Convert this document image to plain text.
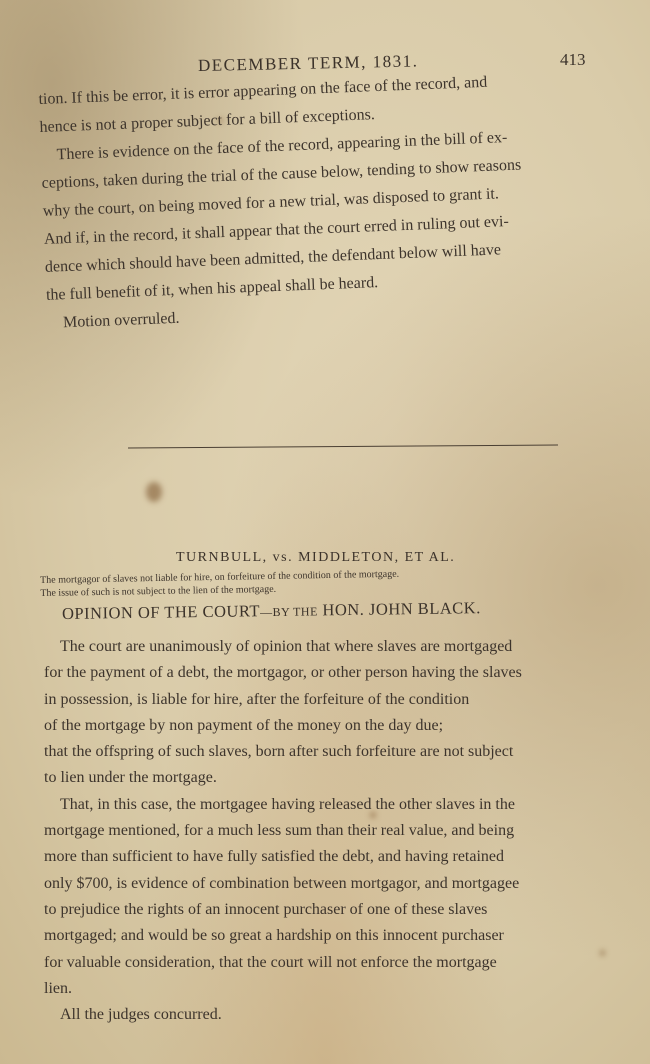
DECEMBER TERM, 1831.	413

tion. If this be error, it is error appearing on the face of the record, and

hence is not a proper subject for a bill of exceptions.

There is evidence on the face of the record, appearing in the bill of ex-

ceptions, taken during the trial of the cause below, tending to show reasons

why the court, on being moved for a new trial, was disposed to grant it.

And if, in the record, it shall appear that the court erred in ruling out evi-

dence which should have been admitted, the defendant below will have

the full benefit of it, when his appeal shall be heard.

Motion overruled.

TURNBULL, vs. MIDDLETON, ET AL.

The mortgagor of slaves not liable for hire, on forfeiture of the condition of the mortgage.

The issue of such is not subject to the lien of the mortgage.

OPINION OF THE COURT—BY THE HON. JOHN BLACK.

The court are unanimously of opinion that where slaves are mortgaged

for the payment of a debt, the mortgagor, or other person having the slaves

in possession, is liable for hire, after the forfeiture of the condition

of the mortgage by non payment of the money on the day due;

that the offspring of such slaves, born after such forfeiture are not subject

to lien under the mortgage.

That, in this case, the mortgagee having released the other slaves in the

mortgage mentioned, for a much less sum than their real value, and being

more than sufficient to have fully satisfied the debt, and having retained

only $700, is evidence of combination between mortgagor, and mortgagee

to prejudice the rights of an innocent purchaser of one of these slaves

mortgaged; and would be so great a hardship on this innocent purchaser

for valuable consideration, that the court will not enforce the mortgage

lien.

All the judges concurred.
